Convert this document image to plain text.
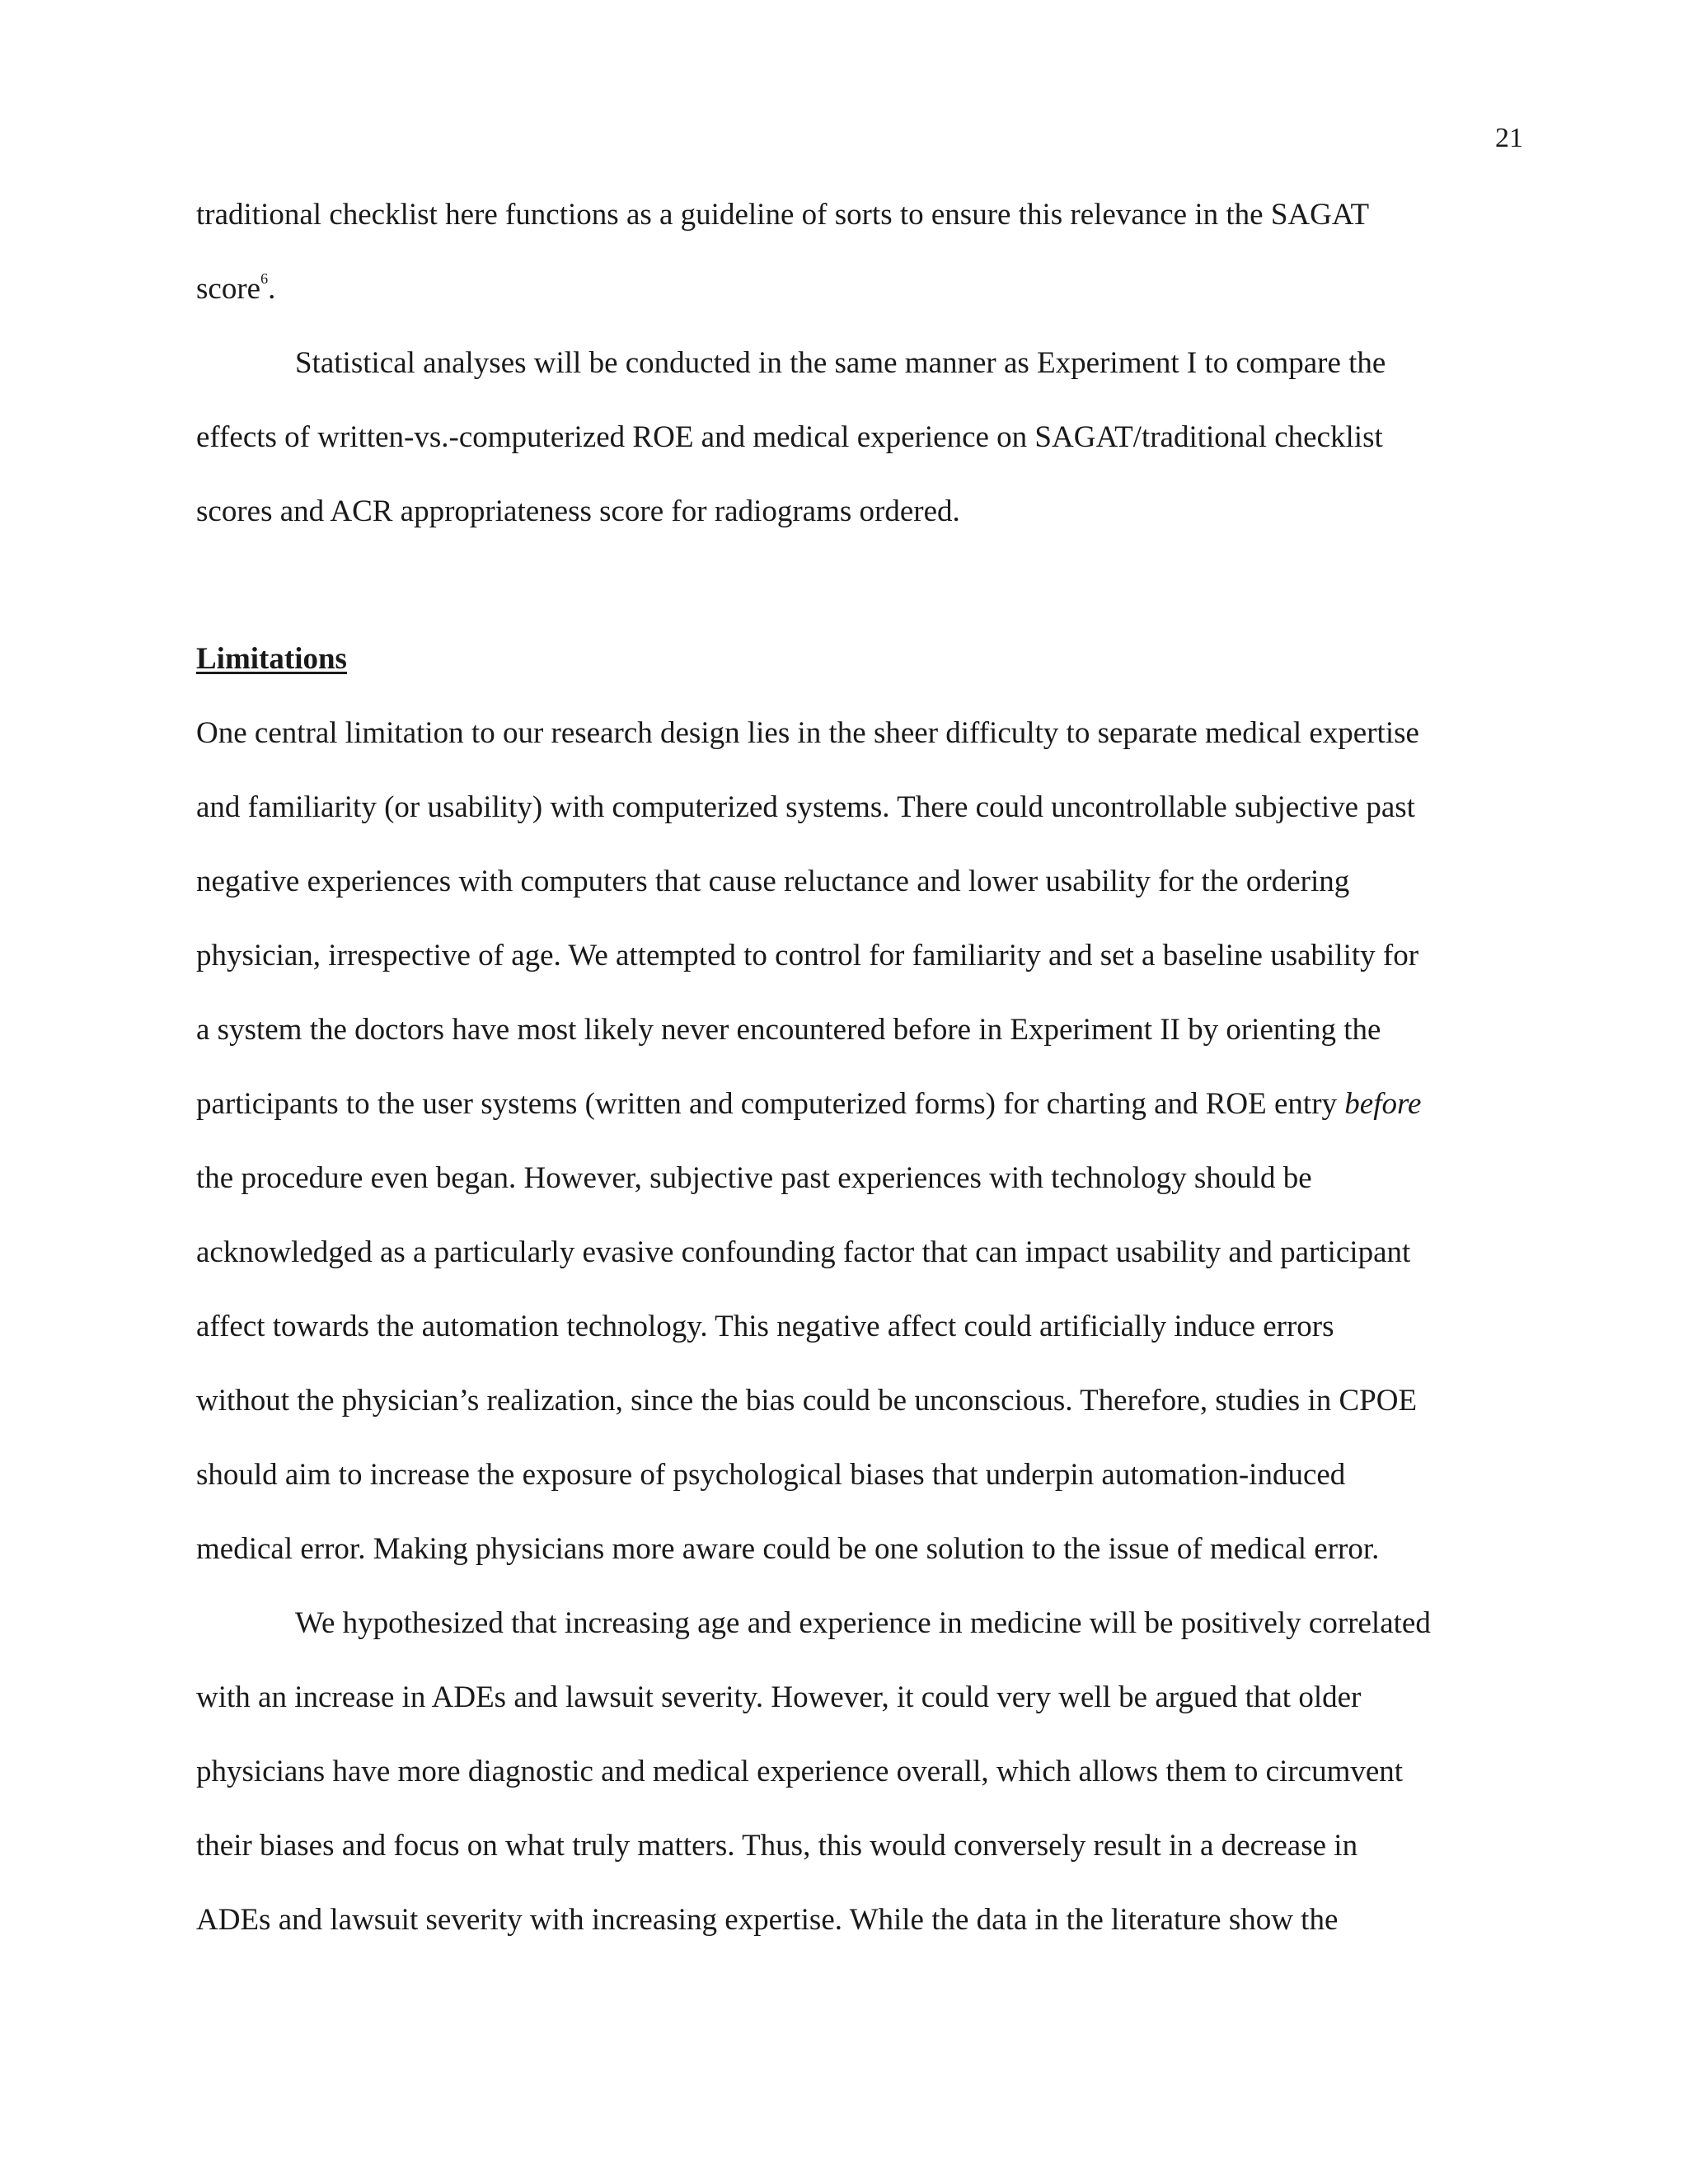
21
traditional checklist here functions as a guideline of sorts to ensure this relevance in the SAGAT
score$^6$.
Statistical analyses will be conducted in the same manner as Experiment I to compare the
effects of written-vs.-computerized ROE and medical experience on SAGAT/traditional checklist
scores and ACR appropriateness score for radiograms ordered.
Limitations
One central limitation to our research design lies in the sheer difficulty to separate medical expertise
and familiarity (or usability) with computerized systems. There could uncontrollable subjective past
negative experiences with computers that cause reluctance and lower usability for the ordering
physician, irrespective of age. We attempted to control for familiarity and set a baseline usability for
a system the doctors have most likely never encountered before in Experiment II by orienting the
participants to the user systems (written and computerized forms) for charting and ROE entry before
the procedure even began. However, subjective past experiences with technology should be
acknowledged as a particularly evasive confounding factor that can impact usability and participant
affect towards the automation technology. This negative affect could artificially induce errors
without the physician’s realization, since the bias could be unconscious. Therefore, studies in CPOE
should aim to increase the exposure of psychological biases that underpin automation-induced
medical error. Making physicians more aware could be one solution to the issue of medical error.
We hypothesized that increasing age and experience in medicine will be positively correlated
with an increase in ADEs and lawsuit severity. However, it could very well be argued that older
physicians have more diagnostic and medical experience overall, which allows them to circumvent
their biases and focus on what truly matters. Thus, this would conversely result in a decrease in
ADEs and lawsuit severity with increasing expertise. While the data in the literature show the
